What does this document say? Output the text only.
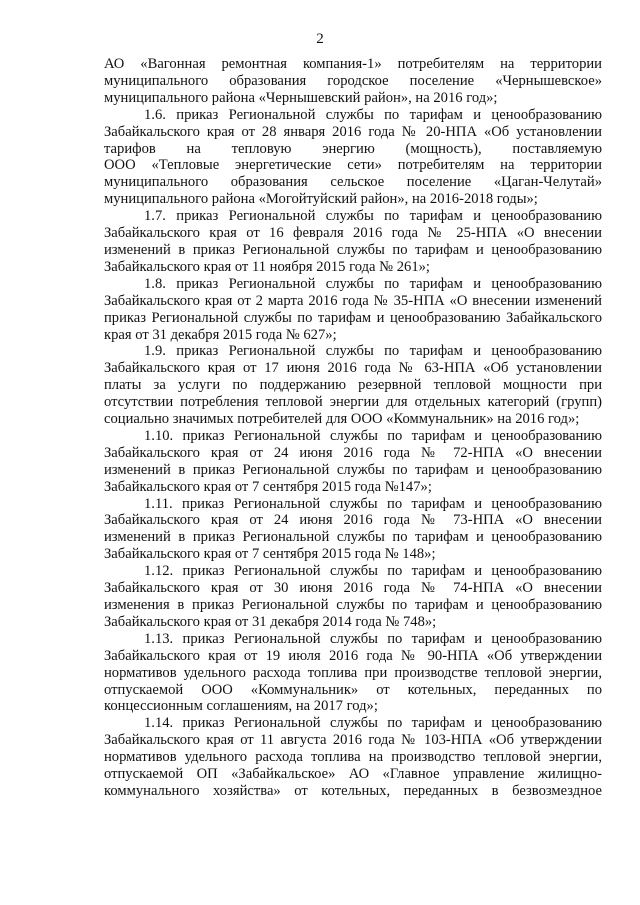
2
АО «Вагонная ремонтная компания-1» потребителям на территории
муниципального образования городское поселение «Чернышевское»
муниципального района «Чернышевский район», на 2016 год»;
1.6. приказ Региональной службы по тарифам и ценообразованию
Забайкальского края от 28 января 2016 года № 20-НПА «Об установлении
тарифов на тепловую энергию (мощность), поставляемую
ООО «Тепловые энергетические сети» потребителям на территории
муниципального образования сельское поселение «Цаган-Челутай»
муниципального района «Могойтуйский район», на 2016-2018 годы»;
1.7. приказ Региональной службы по тарифам и ценообразованию
Забайкальского края от 16 февраля 2016 года № 25-НПА «О внесении
изменений в приказ Региональной службы по тарифам и ценообразованию
Забайкальского края от 11 ноября 2015 года № 261»;
1.8. приказ Региональной службы по тарифам и ценообразованию
Забайкальского края от 2 марта 2016 года № 35-НПА «О внесении изменений
приказ Региональной службы по тарифам и ценообразованию Забайкальского
края от 31 декабря 2015 года № 627»;
1.9. приказ Региональной службы по тарифам и ценообразованию
Забайкальского края от 17 июня 2016 года № 63-НПА «Об установлении
платы за услуги по поддержанию резервной тепловой мощности при
отсутствии потребления тепловой энергии для отдельных категорий (групп)
социально значимых потребителей для ООО «Коммунальник» на 2016 год»;
1.10. приказ Региональной службы по тарифам и ценообразованию
Забайкальского края от 24 июня 2016 года № 72-НПА «О внесении
изменений в приказ Региональной службы по тарифам и ценообразованию
Забайкальского края от 7 сентября 2015 года №147»;
1.11. приказ Региональной службы по тарифам и ценообразованию
Забайкальского края от 24 июня 2016 года № 73-НПА «О внесении
изменений в приказ Региональной службы по тарифам и ценообразованию
Забайкальского края от 7 сентября 2015 года № 148»;
1.12. приказ Региональной службы по тарифам и ценообразованию
Забайкальского края от 30 июня 2016 года № 74-НПА «О внесении
изменения в приказ Региональной службы по тарифам и ценообразованию
Забайкальского края от 31 декабря 2014 года № 748»;
1.13. приказ Региональной службы по тарифам и ценообразованию
Забайкальского края от 19 июля 2016 года № 90-НПА «Об утверждении
нормативов удельного расхода топлива при производстве тепловой энергии,
отпускаемой ООО «Коммунальник» от котельных, переданных по
концессионным соглашениям, на 2017 год»;
1.14. приказ Региональной службы по тарифам и ценообразованию
Забайкальского края от 11 августа 2016 года № 103-НПА «Об утверждении
нормативов удельного расхода топлива на производство тепловой энергии,
отпускаемой ОП «Забайкальское» АО «Главное управление жилищно-
коммунального хозяйства» от котельных, переданных в безвозмездное
